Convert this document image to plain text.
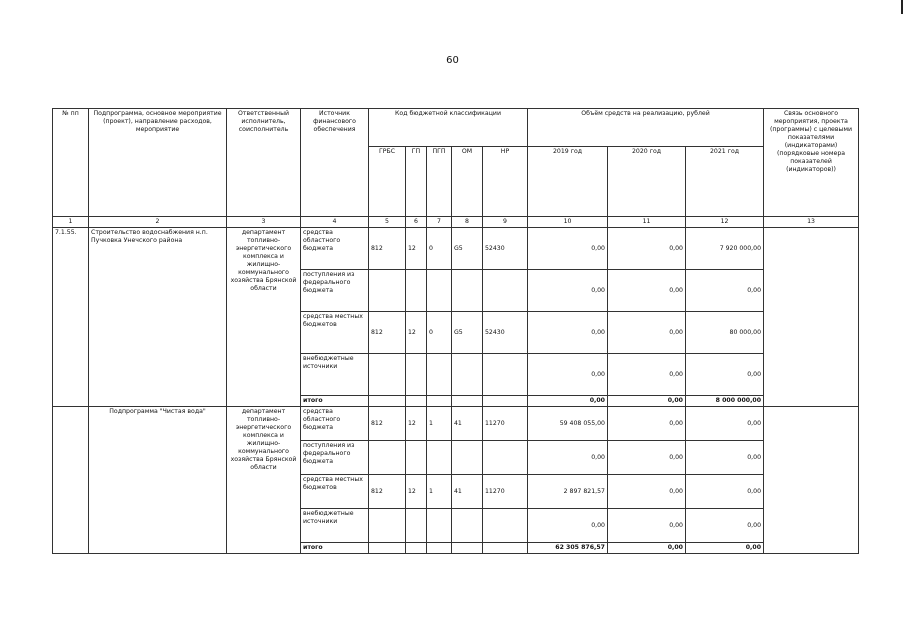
60
№ пп	Подпрограмма, основное мероприятие (проект), направление расходов, мероприятие	Ответственный исполнитель, соисполнитель	Источник финансового обеспечения	Код бюджетной классификации					Объём средств на реализацию, рублей			Связь основного мероприятия, проекта (программы) с целевыми показателями (индикаторами) (порядковые номера показателей (индикаторов))
				ГРБС	ГП	ПГП	ОМ	НР	2019 год	2020 год	2021 год	
1	2	3	4	5	6	7	8	9	10	11	12	13
7.1.55.	Строительство водоснабжения н.п. Пучковка Унечского района	департамент топливно-энергетического комплекса и жилищно-коммунального хозяйства Брянской области	средства областного бюджета	812	12	0	G5	52430	0,00	0,00	7 920 000,00	
			поступления из федерального бюджета						0,00	0,00	0,00	
			средства местных бюджетов	812	12	0	G5	52430	0,00	0,00	80 000,00	
			внебюджетные источники						0,00	0,00	0,00	
			итого						0,00	0,00	8 000 000,00	
	Подпрограмма "Чистая вода"	департамент топливно-энергетического комплекса и жилищно-коммунального хозяйства Брянской области	средства областного бюджета	812	12	1	41	11270	59 408 055,00	0,00	0,00	
			поступления из федерального бюджета						0,00	0,00	0,00	
			средства местных бюджетов	812	12	1	41	11270	2 897 821,57	0,00	0,00	
			внебюджетные источники						0,00	0,00	0,00	
			итого						62 305 876,57	0,00	0,00	
